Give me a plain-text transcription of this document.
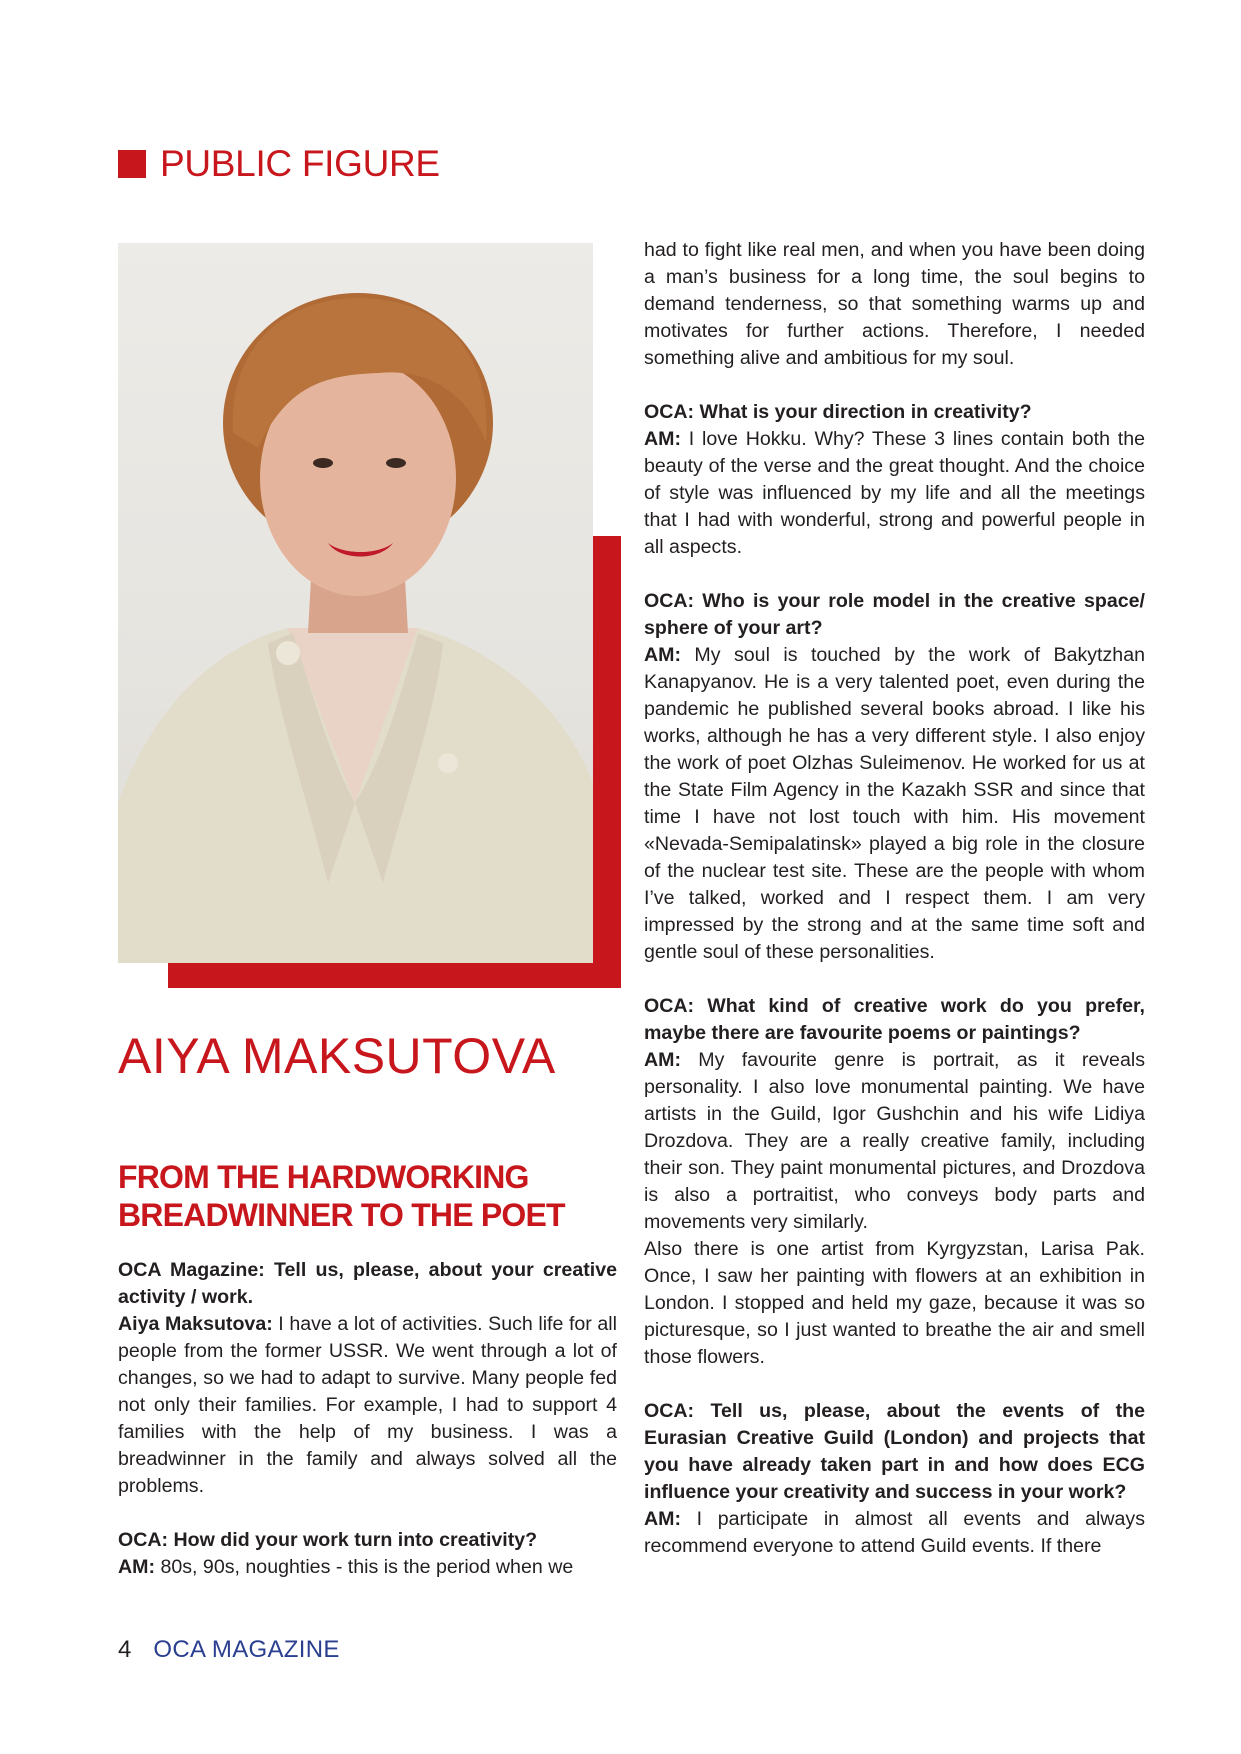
PUBLIC FIGURE
AIYA MAKSUTOVA
FROM THE HARDWORKING BREADWINNER TO THE POET

OCA Magazine: Tell us, please, about your creative activity / work.

Aiya Maksutova: I have a lot of activities. Such life for all people from the former USSR. We went through a lot of changes, so we had to adapt to survive. Many people fed not only their families. For example, I had to support 4 families with the help of my business. I was a breadwinner in the family and always solved all the problems.

OCA: How did your work turn into creativity?

AM: 80s, 90s, noughties - this is the period when we

had to fight like real men, and when you have been doing a man’s business for a long time, the soul begins to demand tenderness, so that something warms up and motivates for further actions. Therefore, I needed something alive and ambitious for my soul.

OCA: What is your direction in creativity?

AM: I love Hokku. Why? These 3 lines contain both the beauty of the verse and the great thought. And the choice of style was influenced by my life and all the meetings that I had with wonderful, strong and powerful people in all aspects.

OCA: Who is your role model in the creative space/ sphere of your art?

AM: My soul is touched by the work of Bakytzhan Kanapyanov. He is a very talented poet, even during the pandemic he published several books abroad. I like his works, although he has a very different style. I also enjoy the work of poet Olzhas Suleimenov. He worked for us at the State Film Agency in the Kazakh SSR and since that time I have not lost touch with him. His movement «Nevada-Semipalatinsk» played a big role in the closure of the nuclear test site. These are the people with whom I’ve talked, worked and I respect them. I am very impressed by the strong and at the same time soft and gentle soul of these personalities.

OCA: What kind of creative work do you prefer, maybe there are favourite poems or paintings?

AM: My favourite genre is portrait, as it reveals personality. I also love monumental painting. We have artists in the Guild, Igor Gushchin and his wife Lidiya Drozdova. They are a really creative family, including their son. They paint monumental pictures, and Drozdova is also a portraitist, who conveys body parts and movements very similarly.

Also there is one artist from Kyrgyzstan, Larisa Pak. Once, I saw her painting with flowers at an exhibition in London. I stopped and held my gaze, because it was so picturesque, so I just wanted to breathe the air and smell those flowers.

OCA: Tell us, please, about the events of the Eurasian Creative Guild (London) and projects that you have already taken part in and how does ECG influence your creativity and success in your work?

AM: I participate in almost all events and always recommend everyone to attend Guild events. If there

4 OCA MAGAZINE
